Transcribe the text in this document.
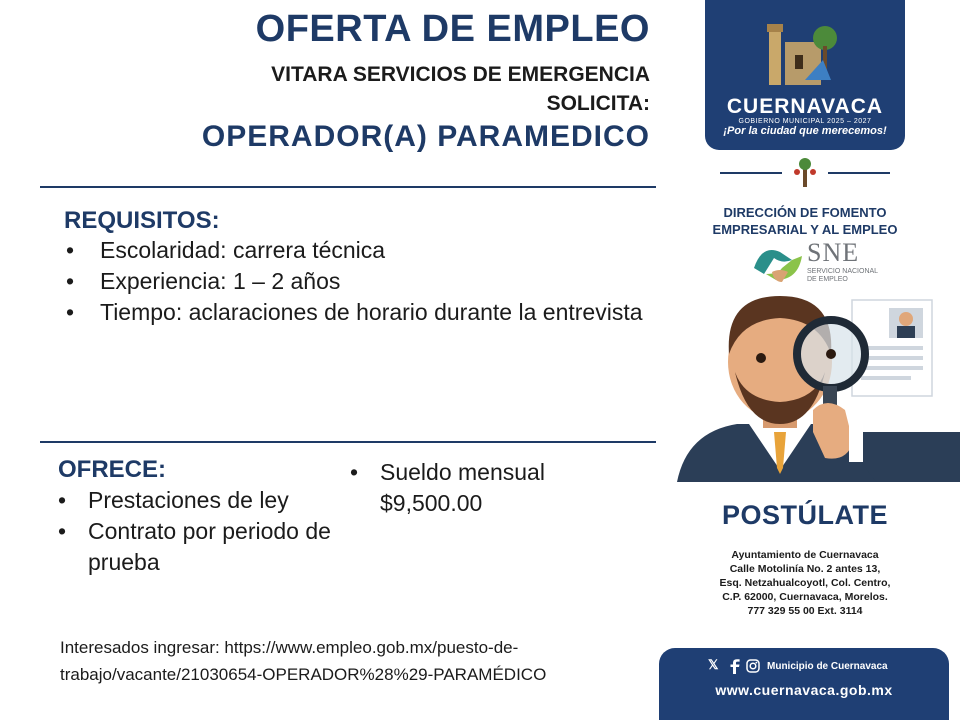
OFERTA DE EMPLEO
VITARA SERVICIOS DE EMERGENCIA
SOLICITA:
OPERADOR(A) PARAMEDICO
REQUISITOS:
• Escolaridad: carrera técnica
• Experiencia: 1 – 2 años
• Tiempo: aclaraciones de horario durante la entrevista
OFRECE:
• Prestaciones de ley
• Contrato por periodo de prueba
• Sueldo mensual $9,500.00
Interesados ingresar: https://www.empleo.gob.mx/puesto-de-trabajo/vacante/21030654-OPERADOR%28%29-PARAMÉDICO
CUERNAVACA
GOBIERNO MUNICIPAL 2025 – 2027
¡Por la ciudad que merecemos!
DIRECCIÓN DE FOMENTO EMPRESARIAL Y AL EMPLEO
SNE
SERVICIO NACIONAL DE EMPLEO
POSTÚLATE
Ayuntamiento de Cuernavaca
Calle Motolinía No. 2 antes 13,
Esq. Netzahualcoyotl, Col. Centro,
C.P. 62000, Cuernavaca, Morelos.
777 329 55 00 Ext. 3114
𝕏	Municipio de Cuernavaca
www.cuernavaca.gob.mx
